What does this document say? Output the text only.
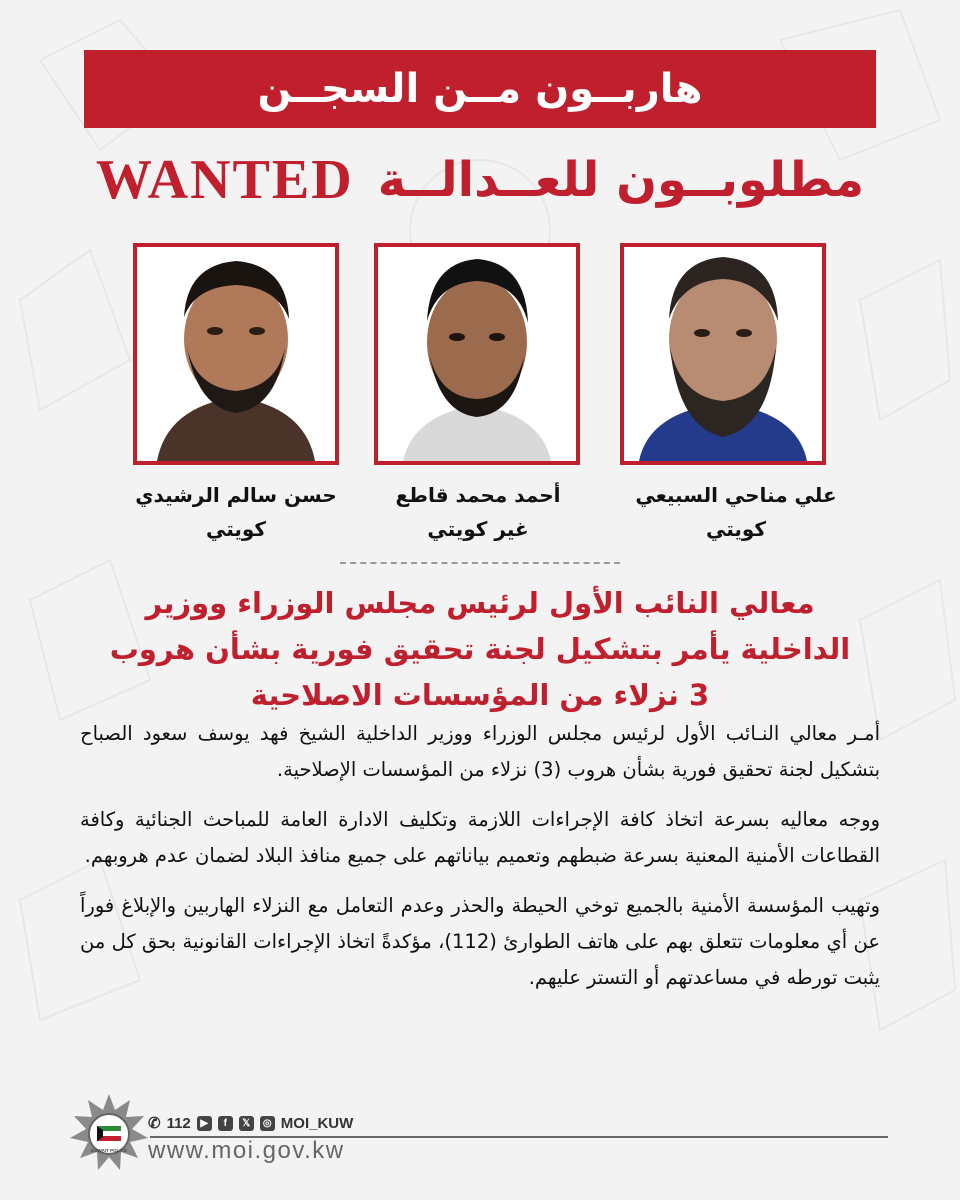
هاربــون مــن السجــن
WANTED مطلوبــون للعــدالــة
علي مناحي السبيعي
كويتي
أحمد محمد قاطع
غير كويتي
حسن سالم الرشيدي
كويتي
معالي النائب الأول لرئيس مجلس الوزراء ووزير
الداخلية يأمر بتشكيل لجنة تحقيق فورية بشأن هروب
3 نزلاء من المؤسسات الاصلاحية

أمـر معالي النـائب الأول لرئيس مجلس الوزراء ووزير الداخلية الشيخ فهد يوسف سعود الصباح بتشكيل لجنة تحقيق فورية بشأن هروب (3) نزلاء من المؤسسات الإصلاحية.

ووجه معاليه بسرعة اتخاذ كافة الإجراءات اللازمة وتكليف الادارة العامة للمباحث الجنائية وكافة القطاعات الأمنية المعنية بسرعة ضبطهم وتعميم بياناتهم على جميع منافذ البلاد لضمان عدم هروبهم.

وتهيب المؤسسة الأمنية بالجميع توخي الحيطة والحذر وعدم التعامل مع النزلاء الهاربين والإبلاغ فوراً عن أي معلومات تتعلق بهم على هاتف الطوارئ (112)، مؤكدةً اتخاذ الإجراءات القانونية بحق كل من يثبت تورطه في مساعدتهم أو التستر عليهم.

KUWAIT POLICE
✆ 112 ▶	f	𝕏	◎ MOI_KUW
www.moi.gov.kw
